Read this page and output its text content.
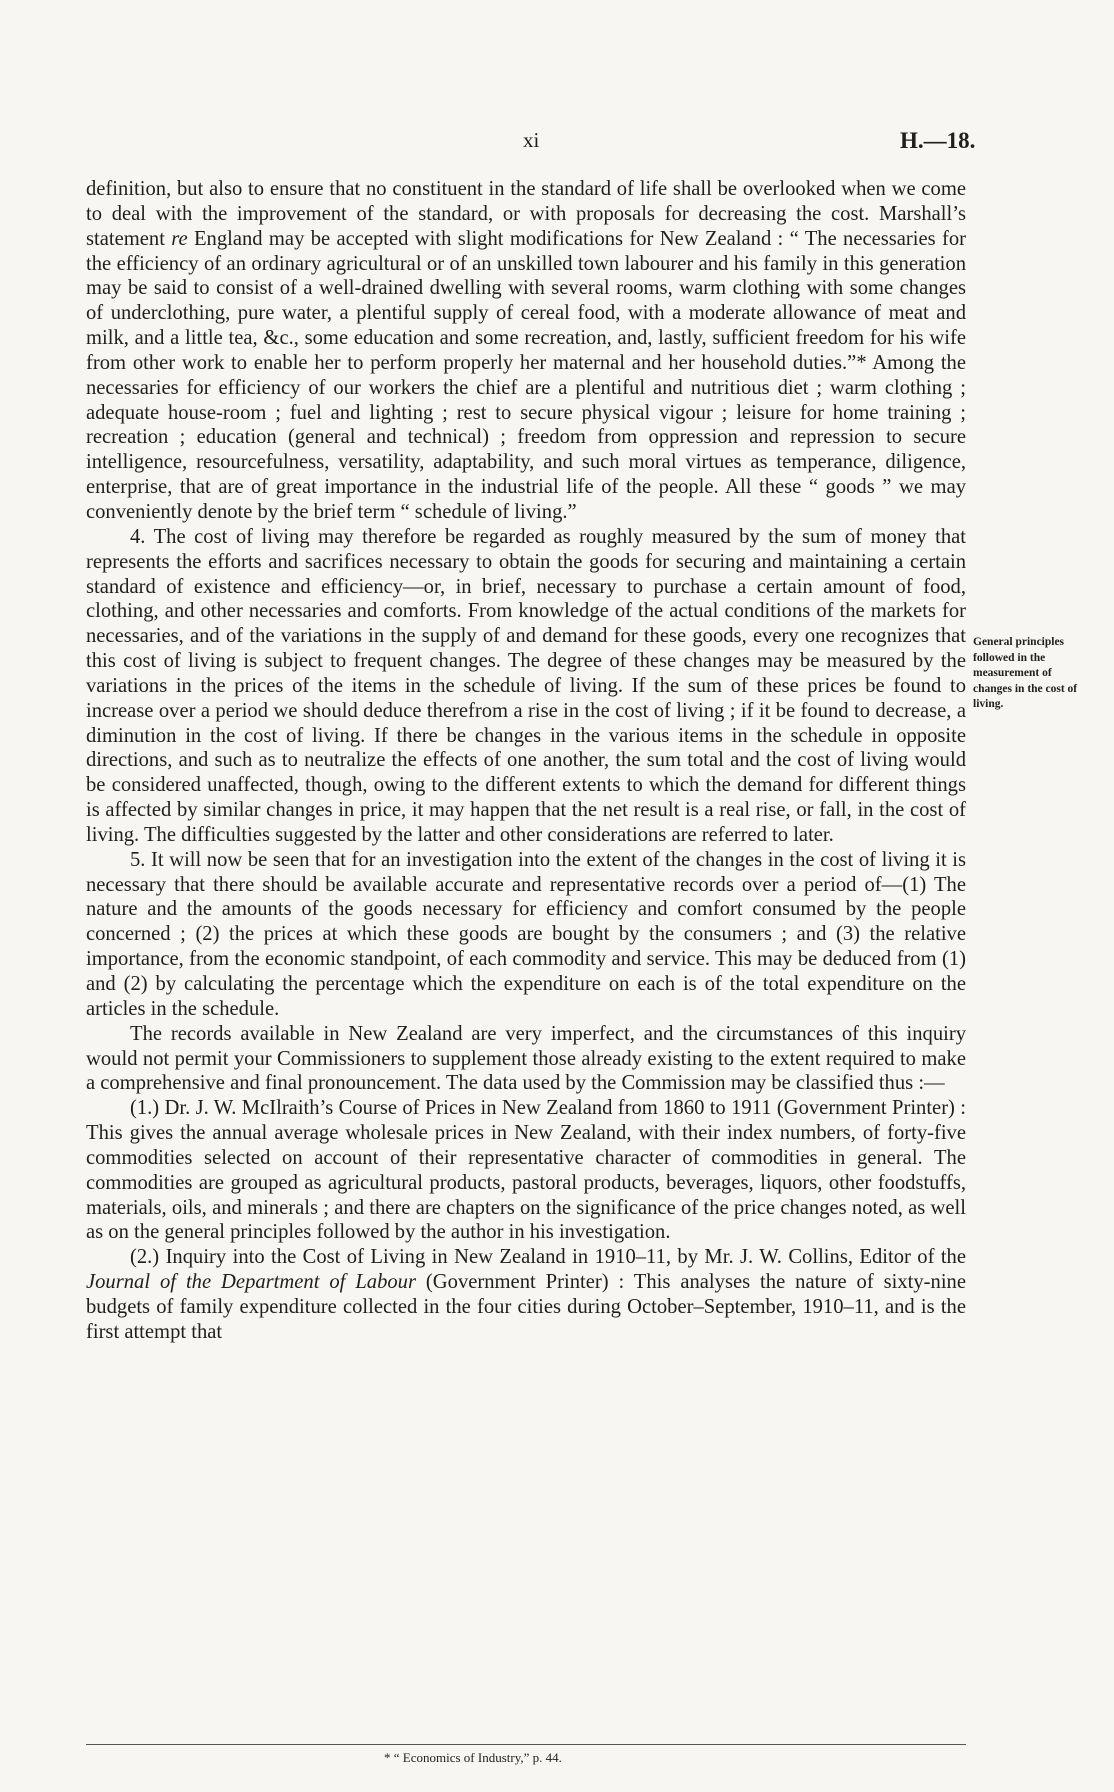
xi	H.—18.

definition, but also to ensure that no constituent in the standard of life shall be overlooked when we come to deal with the improvement of the standard, or with proposals for decreasing the cost. Marshall’s statement re England may be accepted with slight modifications for New Zealand : “ The necessaries for the efficiency of an ordinary agricultural or of an unskilled town labourer and his family in this generation may be said to consist of a well-drained dwelling with several rooms, warm clothing with some changes of underclothing, pure water, a plentiful supply of cereal food, with a moderate allowance of meat and milk, and a little tea, &c., some education and some recreation, and, lastly, sufficient freedom for his wife from other work to enable her to perform properly her maternal and her household duties.”* Among the necessaries for efficiency of our workers the chief are a plentiful and nutritious diet ; warm clothing ; adequate house-room ; fuel and lighting ; rest to secure physical vigour ; leisure for home training ; recreation ; education (general and technical) ; freedom from oppression and repression to secure intelligence, resourcefulness, versatility, adaptability, and such moral virtues as temperance, diligence, enterprise, that are of great importance in the industrial life of the people. All these “ goods ” we may conveniently denote by the brief term “ schedule of living.”

4. The cost of living may therefore be regarded as roughly measured by the sum of money that represents the efforts and sacrifices necessary to obtain the goods for securing and maintaining a certain standard of existence and efficiency—or, in brief, necessary to purchase a certain amount of food, clothing, and other necessaries and comforts. From knowledge of the actual conditions of the markets for necessaries, and of the variations in the supply of and demand for these goods, every one recognizes that this cost of living is subject to frequent changes. The degree of these changes may be measured by the variations in the prices of the items in the schedule of living. If the sum of these prices be found to increase over a period we should deduce therefrom a rise in the cost of living ; if it be found to decrease, a diminution in the cost of living. If there be changes in the various items in the schedule in opposite directions, and such as to neutralize the effects of one another, the sum total and the cost of living would be considered unaffected, though, owing to the different extents to which the demand for different things is affected by similar changes in price, it may happen that the net result is a real rise, or fall, in the cost of living. The difficulties suggested by the latter and other considerations are referred to later.

5. It will now be seen that for an investigation into the extent of the changes in the cost of living it is necessary that there should be available accurate and representative records over a period of—(1) The nature and the amounts of the goods necessary for efficiency and comfort consumed by the people concerned ; (2) the prices at which these goods are bought by the consumers ; and (3) the relative importance, from the economic standpoint, of each commodity and service. This may be deduced from (1) and (2) by calculating the percentage which the expenditure on each is of the total expenditure on the articles in the schedule.

The records available in New Zealand are very imperfect, and the circumstances of this inquiry would not permit your Commissioners to supplement those already existing to the extent required to make a comprehensive and final pronouncement. The data used by the Commission may be classified thus :—

(1.) Dr. J. W. McIlraith’s Course of Prices in New Zealand from 1860 to 1911 (Government Printer) : This gives the annual average wholesale prices in New Zealand, with their index numbers, of forty-five commodities selected on account of their representative character of commodities in general. The commodities are grouped as agricultural products, pastoral products, beverages, liquors, other foodstuffs, materials, oils, and minerals ; and there are chapters on the significance of the price changes noted, as well as on the general principles followed by the author in his investigation.

(2.) Inquiry into the Cost of Living in New Zealand in 1910–11, by Mr. J. W. Collins, Editor of the Journal of the Department of Labour (Government Printer) : This analyses the nature of sixty-nine budgets of family expenditure collected in the four cities during October–September, 1910–11, and is the first attempt that

General principles followed in the measurement of changes in the cost of living.
* “ Economics of Industry,” p. 44.
